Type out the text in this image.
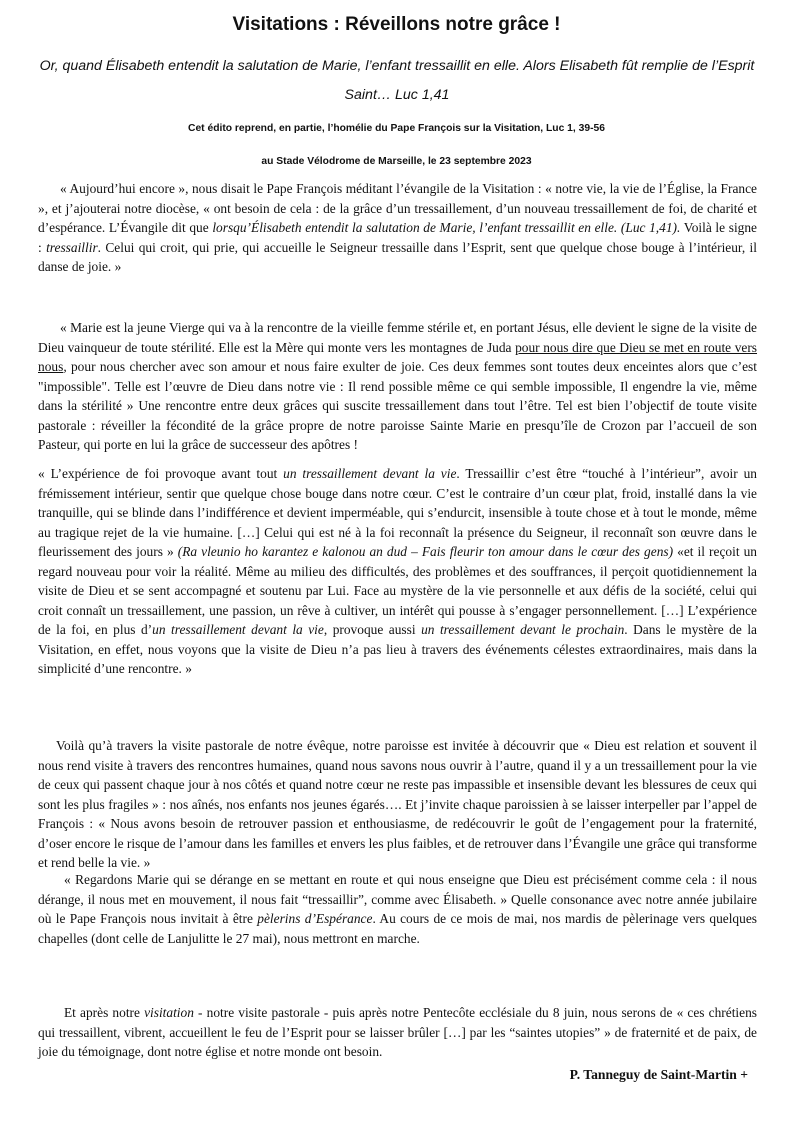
Visitations : Réveillons notre grâce !

Or, quand Élisabeth entendit la salutation de Marie, l’enfant tressaillit en elle. Alors Elisabeth fût remplie de l’Esprit Saint… Luc 1,41

Cet édito reprend, en partie, l’homélie du Pape François sur la Visitation, Luc 1, 39-56

au Stade Vélodrome de Marseille, le 23 septembre 2023

« Aujourd’hui encore », nous disait le Pape François méditant l’évangile de la Visitation : « notre vie, la vie de l’Église, la France », et j’ajouterai notre diocèse, « ont besoin de cela : de la grâce d’un tressaillement, d’un nouveau tressaillement de foi, de charité et d’espérance. L’Évangile dit que lorsqu’Élisabeth entendit la salutation de Marie, l’enfant tressaillit en elle. (Luc 1,41). Voilà le signe : tressaillir. Celui qui croit, qui prie, qui accueille le Seigneur tressaille dans l’Esprit, sent que quelque chose bouge à l’intérieur, il danse de joie. »

« Marie est la jeune Vierge qui va à la rencontre de la vieille femme stérile et, en portant Jésus, elle devient le signe de la visite de Dieu vainqueur de toute stérilité. Elle est la Mère qui monte vers les montagnes de Juda pour nous dire que Dieu se met en route vers nous, pour nous chercher avec son amour et nous faire exulter de joie. Ces deux femmes sont toutes deux enceintes alors que c’est "impossible". Telle est l’œuvre de Dieu dans notre vie : Il rend possible même ce qui semble impossible, Il engendre la vie, même dans la stérilité » Une rencontre entre deux grâces qui suscite tressaillement dans tout l’être. Tel est bien l’objectif de toute visite pastorale : réveiller la fécondité de la grâce propre de notre paroisse Sainte Marie en presqu’île de Crozon par l’accueil de son Pasteur, qui porte en lui la grâce de successeur des apôtres !

« L’expérience de foi provoque avant tout un tressaillement devant la vie. Tressaillir c’est être “touché à l’intérieur”, avoir un frémissement intérieur, sentir que quelque chose bouge dans notre cœur. C’est le contraire d’un cœur plat, froid, installé dans la vie tranquille, qui se blinde dans l’indifférence et devient imperméable, qui s’endurcit, insensible à toute chose et à tout le monde, même au tragique rejet de la vie humaine. […] Celui qui est né à la foi reconnaît la présence du Seigneur, il reconnaît son œuvre dans le fleurissement des jours » (Ra vleunio ho karantez e kalonou an dud – Fais fleurir ton amour dans le cœur des gens) «et il reçoit un regard nouveau pour voir la réalité. Même au milieu des difficultés, des problèmes et des souffrances, il perçoit quotidiennement la visite de Dieu et se sent accompagné et soutenu par Lui. Face au mystère de la vie personnelle et aux défis de la société, celui qui croit connaît un tressaillement, une passion, un rêve à cultiver, un intérêt qui pousse à s’engager personnellement. […] L’expérience de la foi, en plus d’un tressaillement devant la vie, provoque aussi un tressaillement devant le prochain. Dans le mystère de la Visitation, en effet, nous voyons que la visite de Dieu n’a pas lieu à travers des événements célestes extraordinaires, mais dans la simplicité d’une rencontre. »

Voilà qu’à travers la visite pastorale de notre évêque, notre paroisse est invitée à découvrir que « Dieu est relation et souvent il nous rend visite à travers des rencontres humaines, quand nous savons nous ouvrir à l’autre, quand il y a un tressaillement pour la vie de ceux qui passent chaque jour à nos côtés et quand notre cœur ne reste pas impassible et insensible devant les blessures de ceux qui sont les plus fragiles » : nos aînés, nos enfants nos jeunes égarés…. Et j’invite chaque paroissien à se laisser interpeller par l’appel de François : « Nous avons besoin de retrouver passion et enthousiasme, de redécouvrir le goût de l’engagement pour la fraternité, d’oser encore le risque de l’amour dans les familles et envers les plus faibles, et de retrouver dans l’Évangile une grâce qui transforme et rend belle la vie. »

« Regardons Marie qui se dérange en se mettant en route et qui nous enseigne que Dieu est précisément comme cela : il nous dérange, il nous met en mouvement, il nous fait “tressaillir”, comme avec Élisabeth. » Quelle consonance avec notre année jubilaire où le Pape François nous invitait à être pèlerins d’Espérance. Au cours de ce mois de mai, nos mardis de pèlerinage vers quelques chapelles (dont celle de Lanjulitte le 27 mai), nous mettront en marche.

Et après notre visitation - notre visite pastorale - puis après notre Pentecôte ecclésiale du 8 juin, nous serons de « ces chrétiens qui tressaillent, vibrent, accueillent le feu de l’Esprit pour se laisser brûler […] par les “saintes utopies” » de fraternité et de paix, de joie du témoignage, dont notre église et notre monde ont besoin.

P. Tanneguy de Saint-Martin +
